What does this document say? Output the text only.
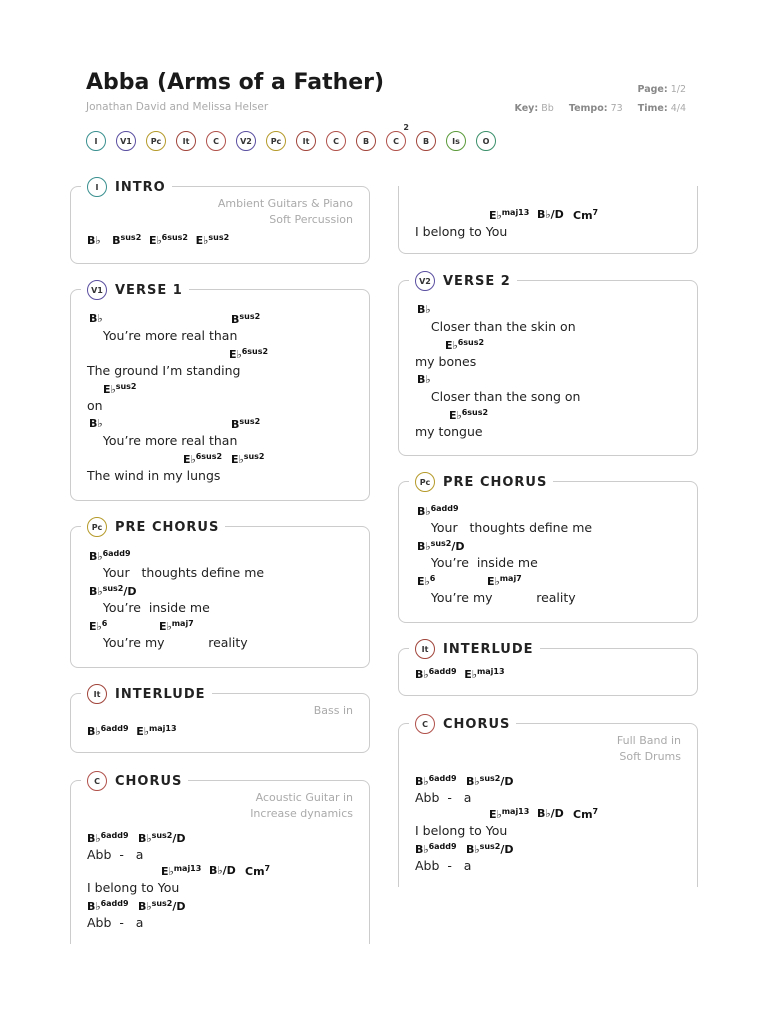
Abba (Arms of a Father)
Jonathan David and Melissa Helser
Page: 1/2
Key: Bb Tempo: 73 Time: 4/4
I	V1 Pc	It	C	V2 Pc	It	C	B	C
2
B	Is	O
I	INTRO
Ambient Guitars & Piano
Soft Percussion
B♭ $B^{sus2}$ E♭$^{6sus2}$ E♭$^{sus2}$
V1 VERSE 1
B♭	$B^{sus2}$
You’re more real than
E♭$^{6sus2}$
The ground I’m standing
E♭$^{sus2}$
on
B♭	$B^{sus2}$
You’re more real than
E♭$^{6sus2}$ E♭$^{sus2}$
The wind in my lungs
Pc PRE CHORUS
B♭$^{6add9}$
Your   thoughts define me
B♭$^{sus2}$/D
You’re  inside me
E♭$^6$	E♭$^{maj7}$
You’re my           reality
It	INTERLUDE
Bass in
B♭$^{6add9}$ E♭$^{maj13}$
C	CHORUS
Acoustic Guitar in
Increase dynamics
B♭$^{6add9}$ B♭$^{sus2}$/D
Abb  -   a
E♭$^{maj13}$ B♭/D Cm$^7$
I belong to You
B♭$^{6add9}$ B♭$^{sus2}$/D
Abb  -   a
E♭$^{maj13}$ B♭/D Cm$^7$
I belong to You
V2 VERSE 2
B♭
Closer than the skin on
E♭$^{6sus2}$
my bones
B♭
Closer than the song on
E♭$^{6sus2}$
my tongue
Pc PRE CHORUS
B♭$^{6add9}$
Your   thoughts define me
B♭$^{sus2}$/D
You’re  inside me
E♭$^6$	E♭$^{maj7}$
You’re my           reality
It	INTERLUDE
B♭$^{6add9}$ E♭$^{maj13}$
C	CHORUS
Full Band in
Soft Drums
B♭$^{6add9}$ B♭$^{sus2}$/D
Abb  -   a
E♭$^{maj13}$ B♭/D Cm$^7$
I belong to You
B♭$^{6add9}$ B♭$^{sus2}$/D
Abb  -   a
